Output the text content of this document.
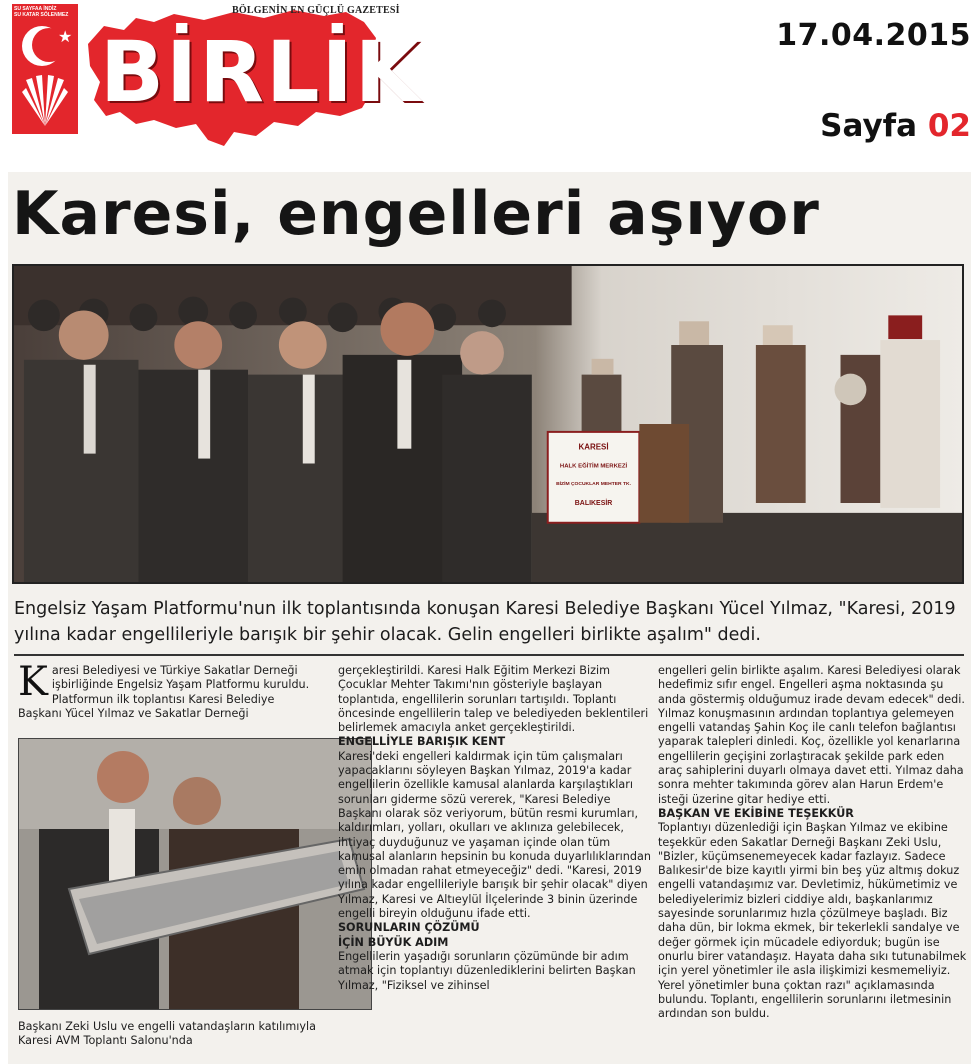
SU SAYFAA İNDİZ
SU KATAR SÖLENMEZ
★
BÖLGENİN EN GÜÇLÜ GAZETESİ
BİRLİK	17.04.2015
Sayfa 02
Karesi, engelleri aşıyor
KARESİ
HALK EĞİTİM MERKEZİ
BİZİM ÇOCUKLAR MEHTER TK.
BALIKESİR
Engelsiz Yaşam Platformu'nun ilk toplantısında konuşan Karesi Belediye Başkanı Yücel Yılmaz, "Karesi, 2019 yılına kadar engellileriyle barışık bir şehir olacak. Gelin engelleri birlikte aşalım" dedi.
Karesi Belediyesi ve Türkiye Sakatlar Derneği işbirliğinde Engelsiz Yaşam Platformu kuruldu. Platformun ilk toplantısı Karesi Belediye Başkanı Yücel Yılmaz ve Sakatlar Derneği
Başkanı Zeki Uslu ve engelli vatandaşların katılımıyla Karesi AVM Toplantı Salonu'nda
gerçekleştirildi. Karesi Halk Eğitim Merkezi Bizim Çocuklar Mehter Takımı'nın gösteriyle başlayan toplantıda, engellilerin sorunları tartışıldı. Toplantı öncesinde engellilerin talep ve belediyeden beklentileri belirlemek amacıyla anket gerçekleştirildi.

ENGELLİYLE BARIŞIK KENT
Karesi'deki engelleri kaldırmak için tüm çalışmaları yapacaklarını söyleyen Başkan Yılmaz, 2019'a kadar engellilerin özellikle kamusal alanlarda karşılaştıkları sorunları giderme sözü vererek, "Karesi Belediye Başkanı olarak söz veriyorum, bütün resmi kurumları, kaldırımları, yolları, okulları ve aklınıza gelebilecek, ihtiyaç duyduğunuz ve yaşaman içinde olan tüm kamusal alanların hepsinin bu konuda duyarlılıklarından emin olmadan rahat etmeyeceğiz" dedi. "Karesi, 2019 yılına kadar engellileriyle barışık bir şehir olacak" diyen Yılmaz, Karesi ve Altıeylül İlçelerinde 3 binin üzerinde engelli bireyin olduğunu ifade etti.

SORUNLARIN ÇÖZÜMÜ
İÇİN BÜYÜK ADIM
Engellilerin yaşadığı sorunların çözümünde bir adım atmak için toplantıyı düzenlediklerini belirten Başkan Yılmaz, "Fiziksel ve zihinsel
engelleri gelin birlikte aşalım. Karesi Belediyesi olarak hedefimiz sıfır engel. Engelleri aşma noktasında şu anda göstermiş olduğumuz irade devam edecek" dedi. Yılmaz konuşmasının ardından toplantıya gelemeyen engelli vatandaş Şahin Koç ile canlı telefon bağlantısı yaparak talepleri dinledi. Koç, özellikle yol kenarlarına engellilerin geçişini zorlaştıracak şekilde park eden araç sahiplerini duyarlı olmaya davet etti. Yılmaz daha sonra mehter takımında görev alan Harun Erdem'e isteği üzerine gitar hediye etti.

BAŞKAN VE EKİBİNE TEŞEKKÜR
Toplantıyı düzenlediği için Başkan Yılmaz ve ekibine teşekkür eden Sakatlar Derneği Başkanı Zeki Uslu, "Bizler, küçümsenemeyecek kadar fazlayız. Sadece Balıkesir'de bize kayıtlı yirmi bin beş yüz altmış dokuz engelli vatandaşımız var. Devletimiz, hükümetimiz ve belediyelerimiz bizleri ciddiye aldı, başkanlarımız sayesinde sorunlarımız hızla çözülmeye başladı. Biz daha dün, bir lokma ekmek, bir tekerlekli sandalye ve değer görmek için mücadele ediyorduk; bugün ise onurlu birer vatandaşız. Hayata daha sıkı tutunabilmek için yerel yönetimler ile asla ilişkimizi kesmemeliyiz. Yerel yönetimler buna çoktan razı" açıklamasında bulundu. Toplantı, engellilerin sorunlarını iletmesinin ardından son buldu.
